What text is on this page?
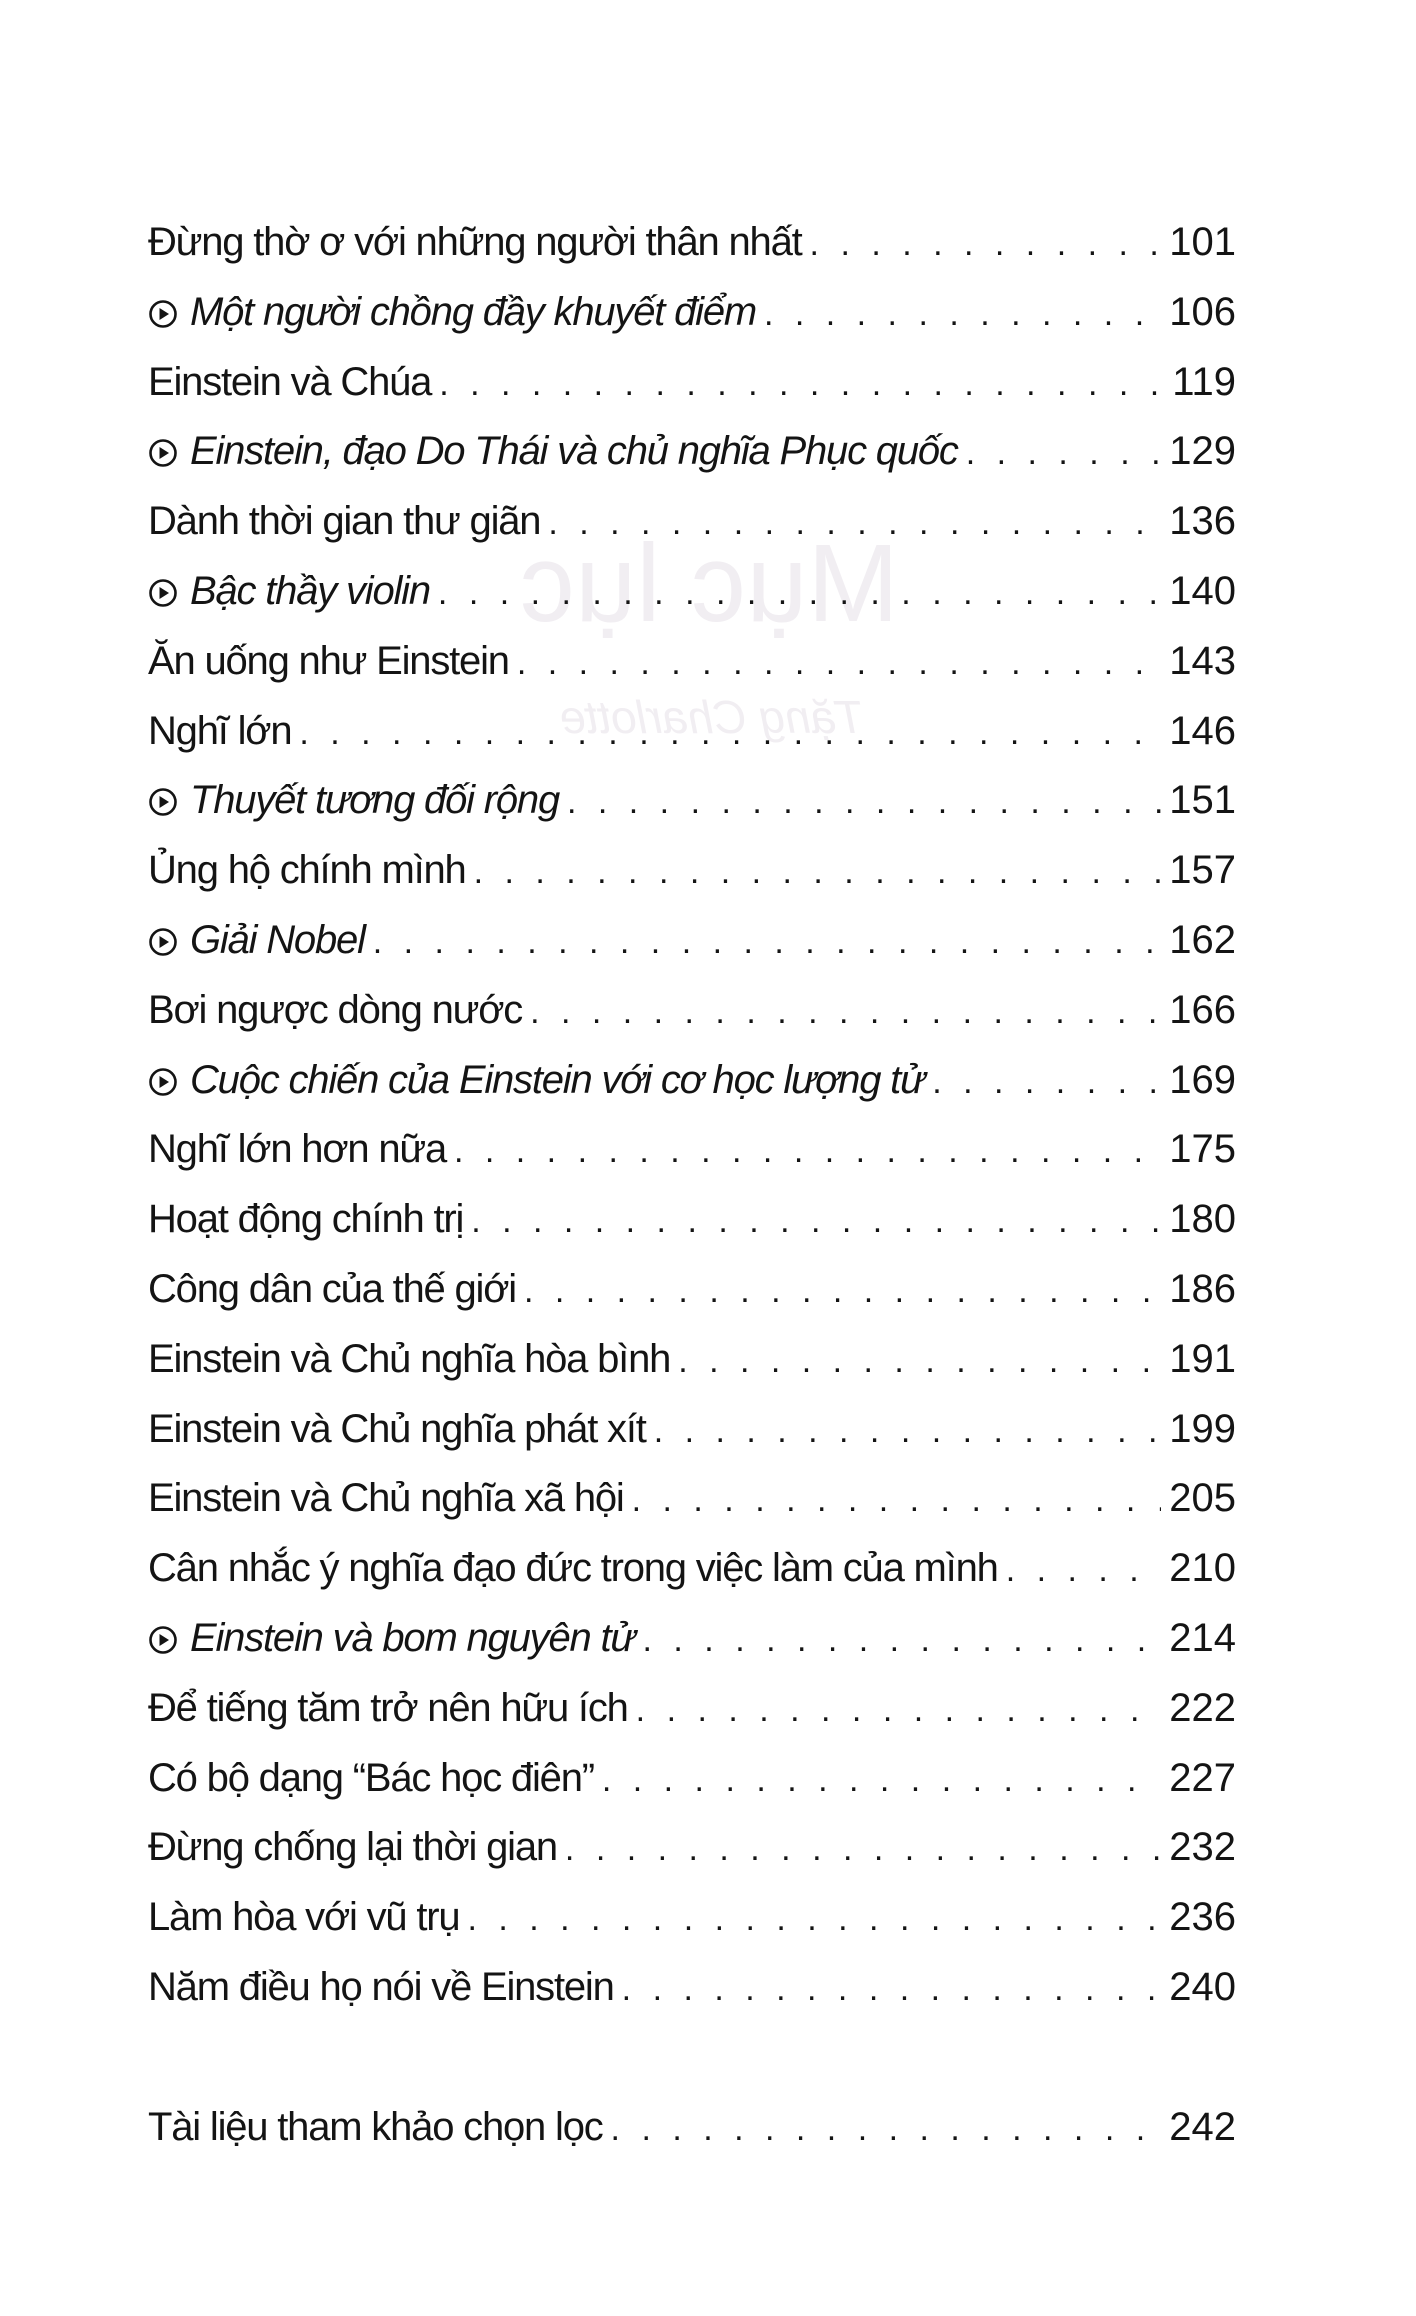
Mục lục
Tặng Charlotte
Đừng thờ ơ với những người thân nhất . . .	101
Một người chồng đầy khuyết điểm . . .	106
Einstein và Chúa . . .	119
Einstein, đạo Do Thái và chủ nghĩa Phục quốc . . .	129
Dành thời gian thư giãn . . .	136
Bậc thầy violin . . .	140
Ăn uống như Einstein . . .	143
Nghĩ lớn . . .	146
Thuyết tương đối rộng . . .	151
Ủng hộ chính mình . . .	157
Giải Nobel . . .	162
Bơi ngược dòng nước . . .	166
Cuộc chiến của Einstein với cơ học lượng tử . . .	169
Nghĩ lớn hơn nữa . . .	175
Hoạt động chính trị . . .	180
Công dân của thế giới . . .	186
Einstein và Chủ nghĩa hòa bình . . .	191
Einstein và Chủ nghĩa phát xít . . .	199
Einstein và Chủ nghĩa xã hội . . .	205
Cân nhắc ý nghĩa đạo đức trong việc làm của mình . . .	210
Einstein và bom nguyên tử . . .	214
Để tiếng tăm trở nên hữu ích . . .	222
Có bộ dạng “Bác học điên” . . .	227
Đừng chống lại thời gian . . .	232
Làm hòa với vũ trụ . . .	236
Năm điều họ nói về Einstein . . .	240
Tài liệu tham khảo chọn lọc . . .	242
